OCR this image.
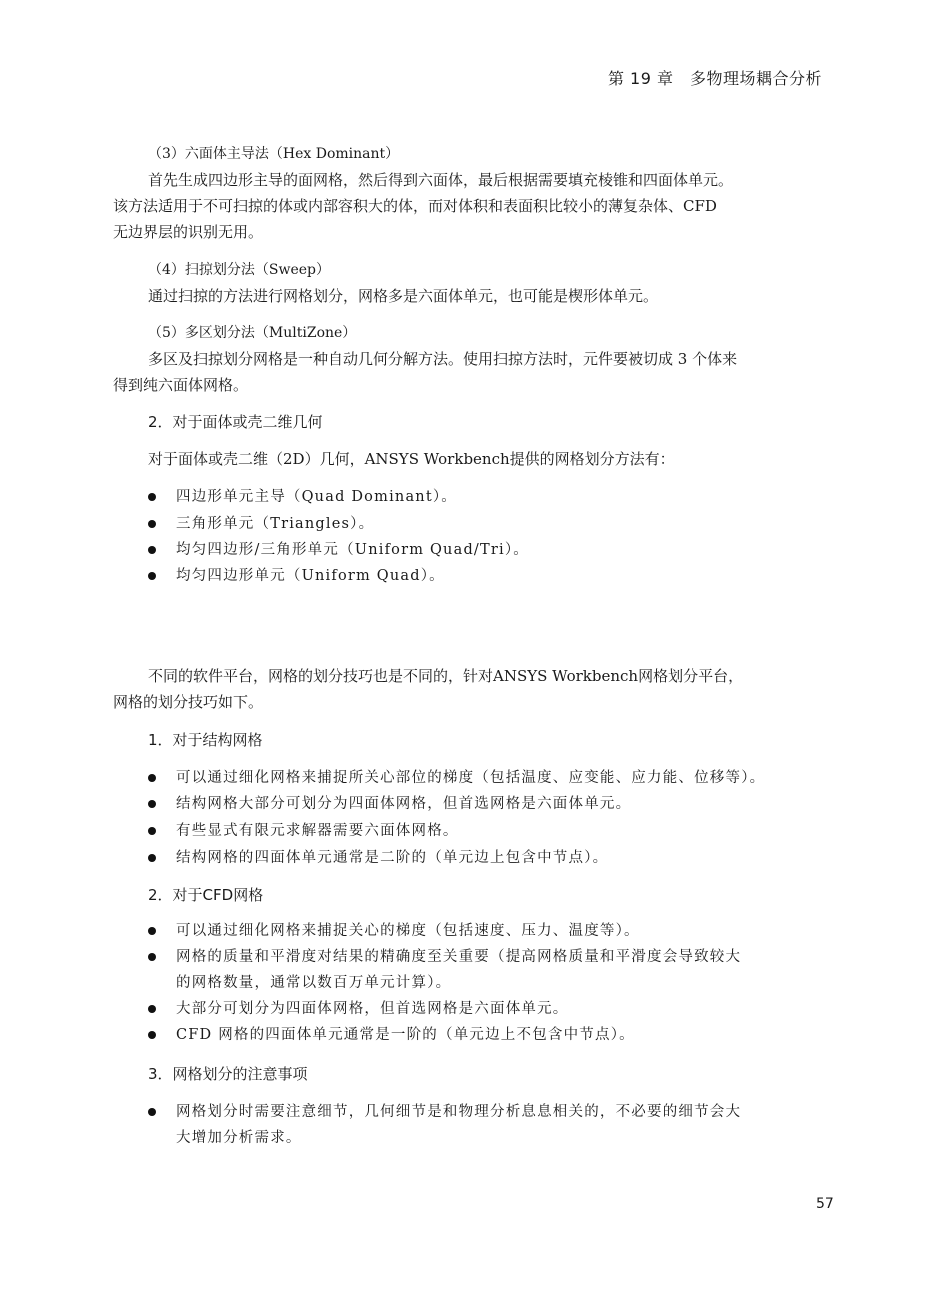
第 19 章　多物理场耦合分析
（3）六面体主导法（Hex Dominant）
首先生成四边形主导的面网格，然后得到六面体，最后根据需要填充棱锥和四面体单元。
该方法适用于不可扫掠的体或内部容积大的体，而对体积和表面积比较小的薄复杂体、CFD
无边界层的识别无用。
（4）扫掠划分法（Sweep）
通过扫掠的方法进行网格划分，网格多是六面体单元，也可能是楔形体单元。
（5）多区划分法（MultiZone）
多区及扫掠划分网格是一种自动几何分解方法。使用扫掠方法时，元件要被切成 3 个体来
得到纯六面体网格。
2．对于面体或壳二维几何
对于面体或壳二维（2D）几何，ANSYS Workbench提供的网格划分方法有：
四边形单元主导（Quad Dominant）。
三角形单元（Triangles）。
均匀四边形/三角形单元（Uniform Quad/Tri）。
均匀四边形单元（Uniform Quad）。
不同的软件平台，网格的划分技巧也是不同的，针对ANSYS Workbench网格划分平台，
网格的划分技巧如下。
1．对于结构网格
可以通过细化网格来捕捉所关心部位的梯度（包括温度、应变能、应力能、位移等）。
结构网格大部分可划分为四面体网格，但首选网格是六面体单元。
有些显式有限元求解器需要六面体网格。
结构网格的四面体单元通常是二阶的（单元边上包含中节点）。
2．对于CFD网格
可以通过细化网格来捕捉关心的梯度（包括速度、压力、温度等）。
网格的质量和平滑度对结果的精确度至关重要（提高网格质量和平滑度会导致较大
的网格数量，通常以数百万单元计算）。
大部分可划分为四面体网格，但首选网格是六面体单元。
CFD 网格的四面体单元通常是一阶的（单元边上不包含中节点）。
3．网格划分的注意事项
网格划分时需要注意细节，几何细节是和物理分析息息相关的，不必要的细节会大
大增加分析需求。
57
